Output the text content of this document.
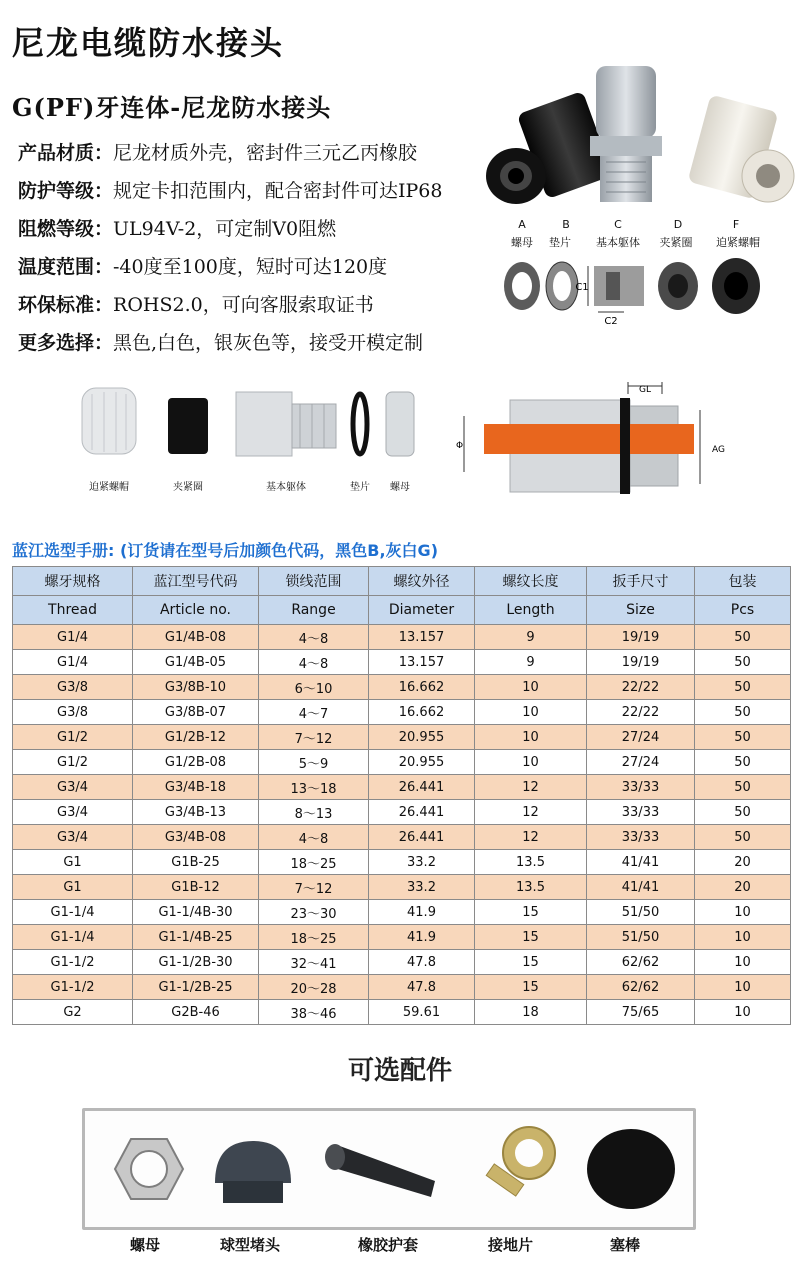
尼龙电缆防水接头
G(PF)牙连体-尼龙防水接头
产品材质：尼龙材质外壳，密封件三元乙丙橡胶
防护等级：规定卡扣范围内，配合密封件可达IP68
阻燃等级：UL94V-2，可定制V0阻燃
温度范围：-40度至100度，短时可达120度
环保标准：ROHS2.0，可向客服索取证书
更多选择：黑色,白色，银灰色等，接受开模定制
A	B	C	D	F
螺母 垫片 基本躯体 夹紧圈 迫紧螺帽
C1
C2
迫紧螺帽	夹紧圈	基本躯体	垫片 螺母
GL
AG
Φ
蓝江选型手册: (订货请在型号后加颜色代码，黑色B,灰白G)
螺牙规格	蓝江型号代码	锁线范围	螺纹外径	螺纹长度	扳手尺寸	包装
Thread	Article no.	Range	Diameter	Length	Size	Pcs
G1/4	G1/4B-08	4～8	13.157	9	19/19	50
G1/4	G1/4B-05	4～8	13.157	9	19/19	50
G3/8	G3/8B-10	6～10	16.662	10	22/22	50
G3/8	G3/8B-07	4～7	16.662	10	22/22	50
G1/2	G1/2B-12	7～12	20.955	10	27/24	50
G1/2	G1/2B-08	5～9	20.955	10	27/24	50
G3/4	G3/4B-18	13～18	26.441	12	33/33	50
G3/4	G3/4B-13	8～13	26.441	12	33/33	50
G3/4	G3/4B-08	4～8	26.441	12	33/33	50
G1	G1B-25	18～25	33.2	13.5	41/41	20
G1	G1B-12	7～12	33.2	13.5	41/41	20
G1-1/4	G1-1/4B-30	23～30	41.9	15	51/50	10
G1-1/4	G1-1/4B-25	18～25	41.9	15	51/50	10
G1-1/2	G1-1/2B-30	32～41	47.8	15	62/62	10
G1-1/2	G1-1/2B-25	20～28	47.8	15	62/62	10
G2	G2B-46	38～46	59.61	18	75/65	10
可选配件
螺母	球型堵头	橡胶护套	接地片	塞棒
